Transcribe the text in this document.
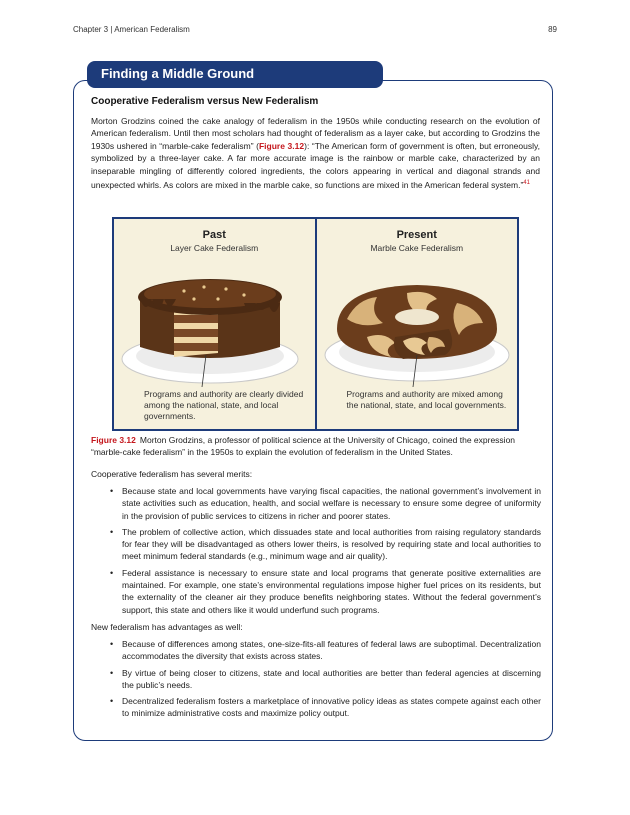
Chapter 3 | American Federalism	89
Finding a Middle Ground
Cooperative Federalism versus New Federalism

Morton Grodzins coined the cake analogy of federalism in the 1950s while conducting research on the evolution of American federalism. Until then most scholars had thought of federalism as a layer cake, but according to Grodzins the 1930s ushered in “marble-cake federalism” (Figure 3.12): “The American form of government is often, but erroneously, symbolized by a three-layer cake. A far more accurate image is the rainbow or marble cake, characterized by an inseparable mingling of differently colored ingredients, the colors appearing in vertical and diagonal strands and unexpected whirls. As colors are mixed in the marble cake, so functions are mixed in the American federal system.”$^{41}$

Past
Layer Cake Federalism
Programs and authority are clearly divided among the national, state, and local governments.
Present
Marble Cake Federalism
Programs and authority are mixed among the national, state, and local governments.
Figure 3.12 Morton Grodzins, a professor of political science at the University of Chicago, coined the expression “marble-cake federalism” in the 1950s to explain the evolution of federalism in the United States.

Cooperative federalism has several merits:

• Because state and local governments have varying fiscal capacities, the national government’s involvement in state activities such as education, health, and social welfare is necessary to ensure some degree of uniformity in the provision of public services to citizens in richer and poorer states.
• The problem of collective action, which dissuades state and local authorities from raising regulatory standards for fear they will be disadvantaged as others lower theirs, is resolved by requiring state and local authorities to meet minimum federal standards (e.g., minimum wage and air quality).
• Federal assistance is necessary to ensure state and local programs that generate positive externalities are maintained. For example, one state’s environmental regulations impose higher fuel prices on its residents, but the externality of the cleaner air they produce benefits neighboring states. Without the federal government’s support, this state and others like it would underfund such programs.

New federalism has advantages as well:

• Because of differences among states, one-size-fits-all features of federal laws are suboptimal. Decentralization accommodates the diversity that exists across states.
• By virtue of being closer to citizens, state and local authorities are better than federal agencies at discerning the public’s needs.
• Decentralized federalism fosters a marketplace of innovative policy ideas as states compete against each other to minimize administrative costs and maximize policy output.
